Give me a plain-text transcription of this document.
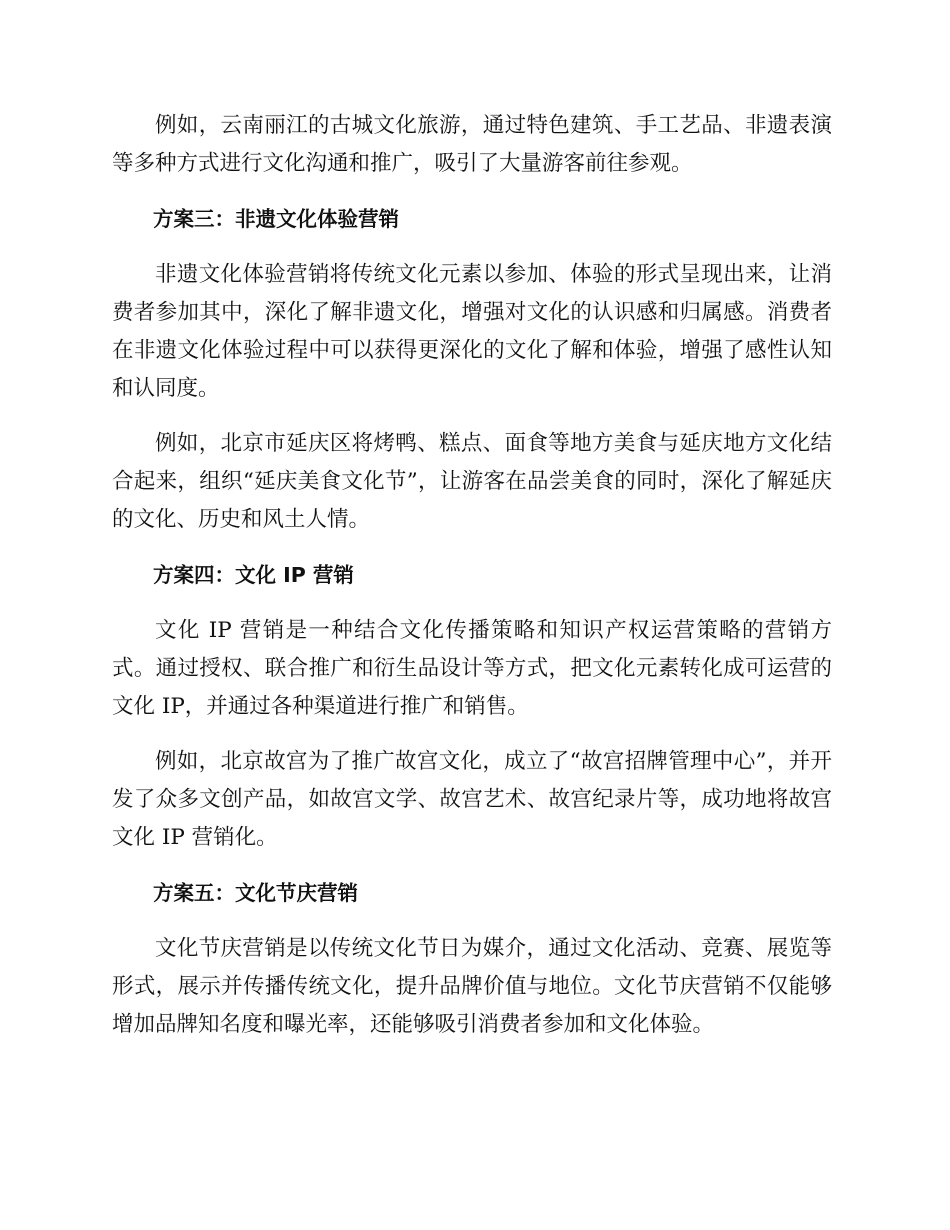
例如，云南丽江的古城文化旅游，通过特色建筑、手工艺品、非遗表演等多种方式进行文化沟通和推广，吸引了大量游客前往参观。

方案三：非遗文化体验营销

非遗文化体验营销将传统文化元素以参加、体验的形式呈现出来，让消费者参加其中，深化了解非遗文化，增强对文化的认识感和归属感。消费者在非遗文化体验过程中可以获得更深化的文化了解和体验，增强了感性认知和认同度。

例如，北京市延庆区将烤鸭、糕点、面食等地方美食与延庆地方文化结合起来，组织“延庆美食文化节”，让游客在品尝美食的同时，深化了解延庆的文化、历史和风土人情。

方案四：文化 IP 营销

文化 IP 营销是一种结合文化传播策略和知识产权运营策略的营销方式。通过授权、联合推广和衍生品设计等方式，把文化元素转化成可运营的文化 IP，并通过各种渠道进行推广和销售。

例如，北京故宫为了推广故宫文化，成立了“故宫招牌管理中心”，并开发了众多文创产品，如故宫文学、故宫艺术、故宫纪录片等，成功地将故宫文化 IP 营销化。

方案五：文化节庆营销

文化节庆营销是以传统文化节日为媒介，通过文化活动、竞赛、展览等形式，展示并传播传统文化，提升品牌价值与地位。文化节庆营销不仅能够增加品牌知名度和曝光率，还能够吸引消费者参加和文化体验。
